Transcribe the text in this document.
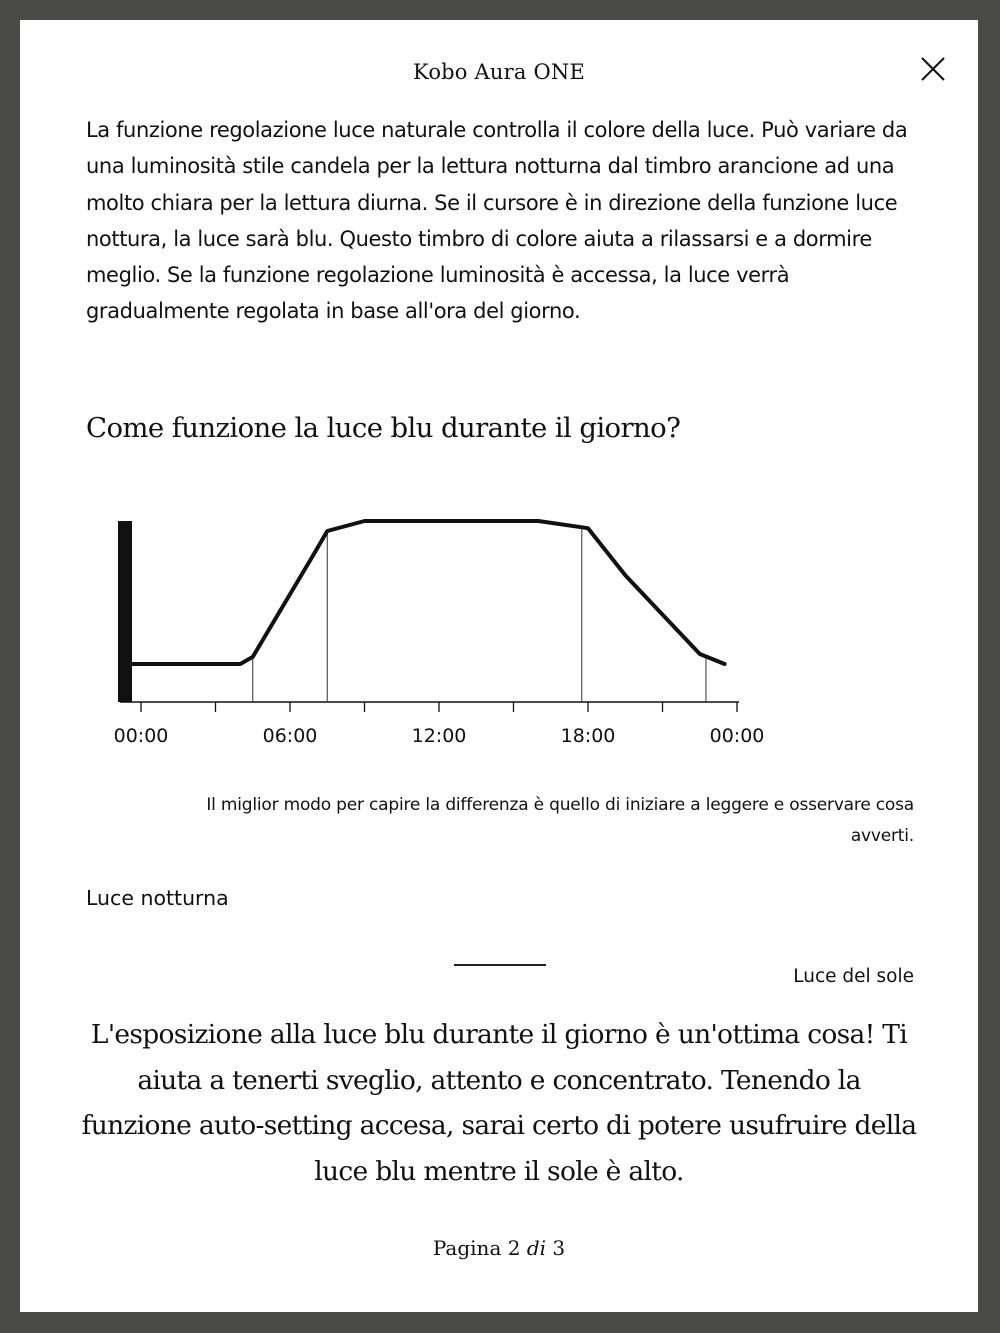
Kobo Aura ONE

La funzione regolazione luce naturale controlla il colore della luce. Può variare da una luminosità stile candela per la lettura notturna dal timbro arancione ad una molto chiara per la lettura diurna. Se il cursore è in direzione della funzione luce nottura, la luce sarà blu. Questo timbro di colore aiuta a rilassarsi e a dormire meglio. Se la funzione regolazione luminosità è accessa, la luce verrà gradualmente regolata in base all'ora del giorno.

Come funzione la luce blu durante il giorno?
00:00	06:00	12:00	18:00	00:00

Il miglior modo per capire la differenza è quello di iniziare a leggere e osservare cosa avverti.

Luce notturna
Luce del sole

L'esposizione alla luce blu durante il giorno è un'ottima cosa! Ti aiuta a tenerti sveglio, attento e concentrato. Tenendo la funzione auto-setting accesa, sarai certo di potere usufruire della luce blu mentre il sole è alto.

Pagina 2 di 3
